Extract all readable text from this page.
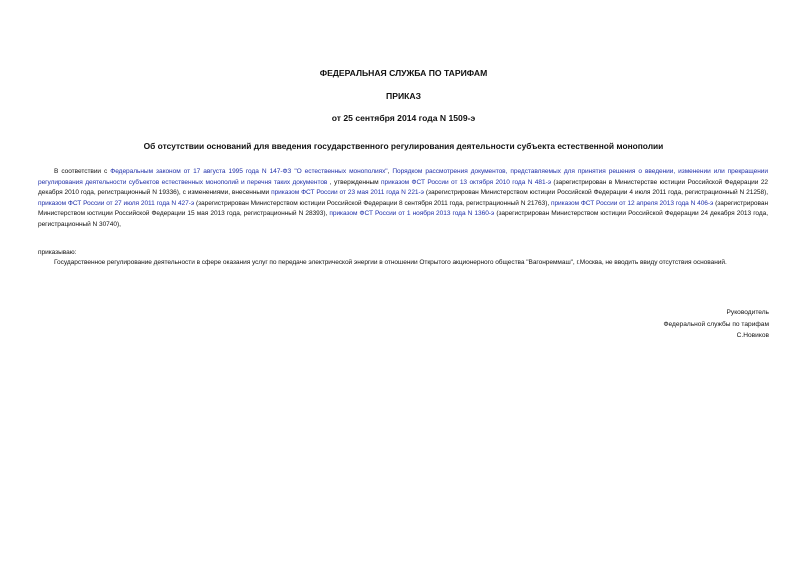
ФЕДЕРАЛЬНАЯ СЛУЖБА ПО ТАРИФАМ
ПРИКАЗ
от 25 сентября 2014 года N 1509-э
Об отсутствии оснований для введения государственного регулирования деятельности субъекта естественной монополии
В соответствии с Федеральным законом от 17 августа 1995 года N 147-ФЗ "О естественных монополиях", Порядком рассмотрения документов, представляемых для принятия решения о введении, изменении или прекращении регулирования деятельности субъектов естественных монополий и перечня таких документов , утвержденным приказом ФСТ России от 13 октября 2010 года N 481-э (зарегистрирован в Министерстве юстиции Российской Федерации 22 декабря 2010 года, регистрационный N 19336), с изменениями, внесенными приказом ФСТ России от 23 мая 2011 года N 221-э (зарегистрирован Министерством юстиции Российской Федерации 4 июля 2011 года, регистрационный N 21258), приказом ФСТ России от 27 июля 2011 года N 427-э (зарегистрирован Министерством юстиции Российской Федерации 8 сентября 2011 года, регистрационный N 21763), приказом ФСТ России от 12 апреля 2013 года N 406-э (зарегистрирован Министерством юстиции Российской Федерации 15 мая 2013 года, регистрационный N 28393), приказом ФСТ России от 1 ноября 2013 года N 1360-э (зарегистрирован Министерством юстиции Российской Федерации 24 декабря 2013 года, регистрационный N 30740),
приказываю:
Государственное регулирование деятельности в сфере оказания услуг по передаче электрической энергии в отношении Открытого акционерного общества "Вагонреммаш", г.Москва, не вводить ввиду отсутствия оснований.
Руководитель
Федеральной службы по тарифам
С.Новиков
